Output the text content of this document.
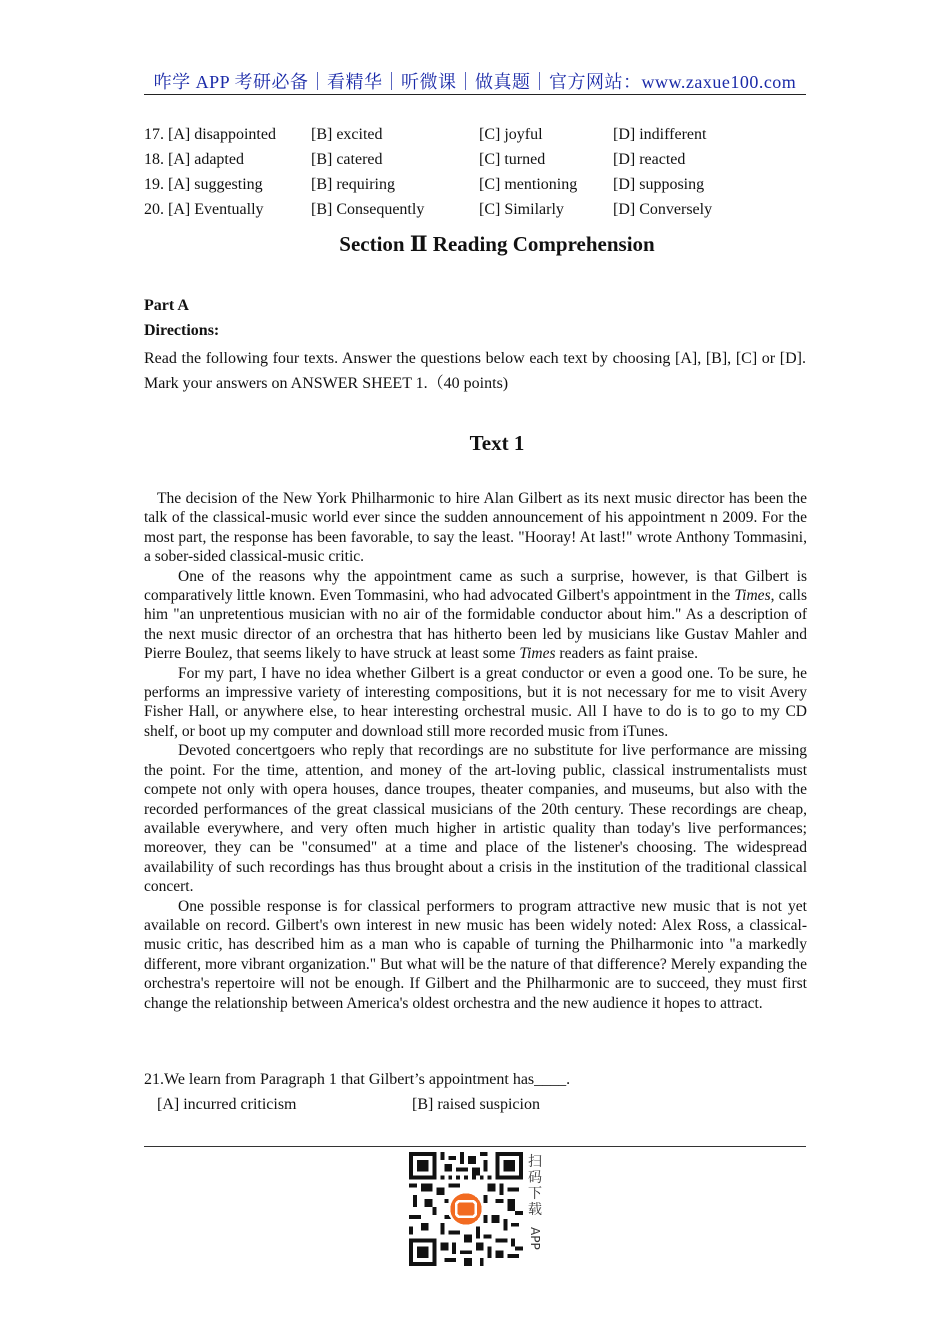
咋学 APP 考研必备｜看精华｜听微课｜做真题｜官方网站：www.zaxue100.com
17. [A] disappointed [B] excited	[C] joyful	[D] indifferent
18. [A] adapted	[B] catered	[C] turned	[D] reacted
19. [A] suggesting	[B] requiring	[C] mentioning [D] supposing
20. [A] Eventually	[B] Consequently	[C] Similarly	[D] Conversely
Section Ⅱ Reading Comprehension
Part A
Directions:
Read the following four texts. Answer the questions below each text by choosing [A], [B], [C] or [D]. Mark your answers on ANSWER SHEET 1.（40 points)
Text 1

The decision of the New York Philharmonic to hire Alan Gilbert as its next music director has been the talk of the classical-music world ever since the sudden announcement of his appointment n 2009. For the most part, the response has been favorable, to say the least. "Hooray! At last!" wrote Anthony Tommasini, a sober-sided classical-music critic.

One of the reasons why the appointment came as such a surprise, however, is that Gilbert is comparatively little known. Even Tommasini, who had advocated Gilbert's appointment in the Times, calls him "an unpretentious musician with no air of the formidable conductor about him." As a description of the next music director of an orchestra that has hitherto been led by musicians like Gustav Mahler and Pierre Boulez, that seems likely to have struck at least some Times readers as faint praise.

For my part, I have no idea whether Gilbert is a great conductor or even a good one. To be sure, he performs an impressive variety of interesting compositions, but it is not necessary for me to visit Avery Fisher Hall, or anywhere else, to hear interesting orchestral music. All I have to do is to go to my CD shelf, or boot up my computer and download still more recorded music from iTunes.

Devoted concertgoers who reply that recordings are no substitute for live performance are missing the point. For the time, attention, and money of the art-loving public, classical instrumentalists must compete not only with opera houses, dance troupes, theater companies, and museums, but also with the recorded performances of the great classical musicians of the 20th century. These recordings are cheap, available everywhere, and very often much higher in artistic quality than today's live performances; moreover, they can be "consumed" at a time and place of the listener's choosing. The widespread availability of such recordings has thus brought about a crisis in the institution of the traditional classical concert.

One possible response is for classical performers to program attractive new music that is not yet available on record. Gilbert's own interest in new music has been widely noted: Alex Ross, a classical-music critic, has described him as a man who is capable of turning the Philharmonic into "a markedly different, more vibrant organization." But what will be the nature of that difference? Merely expanding the orchestra's repertoire will not be enough. If Gilbert and the Philharmonic are to succeed, they must first change the relationship between America's oldest orchestra and the new audience it hopes to attract.

21.We learn from Paragraph 1 that Gilbert’s appointment has____.
[A] incurred criticism	[B] raised suspicion
扫
码
下
载
APP
